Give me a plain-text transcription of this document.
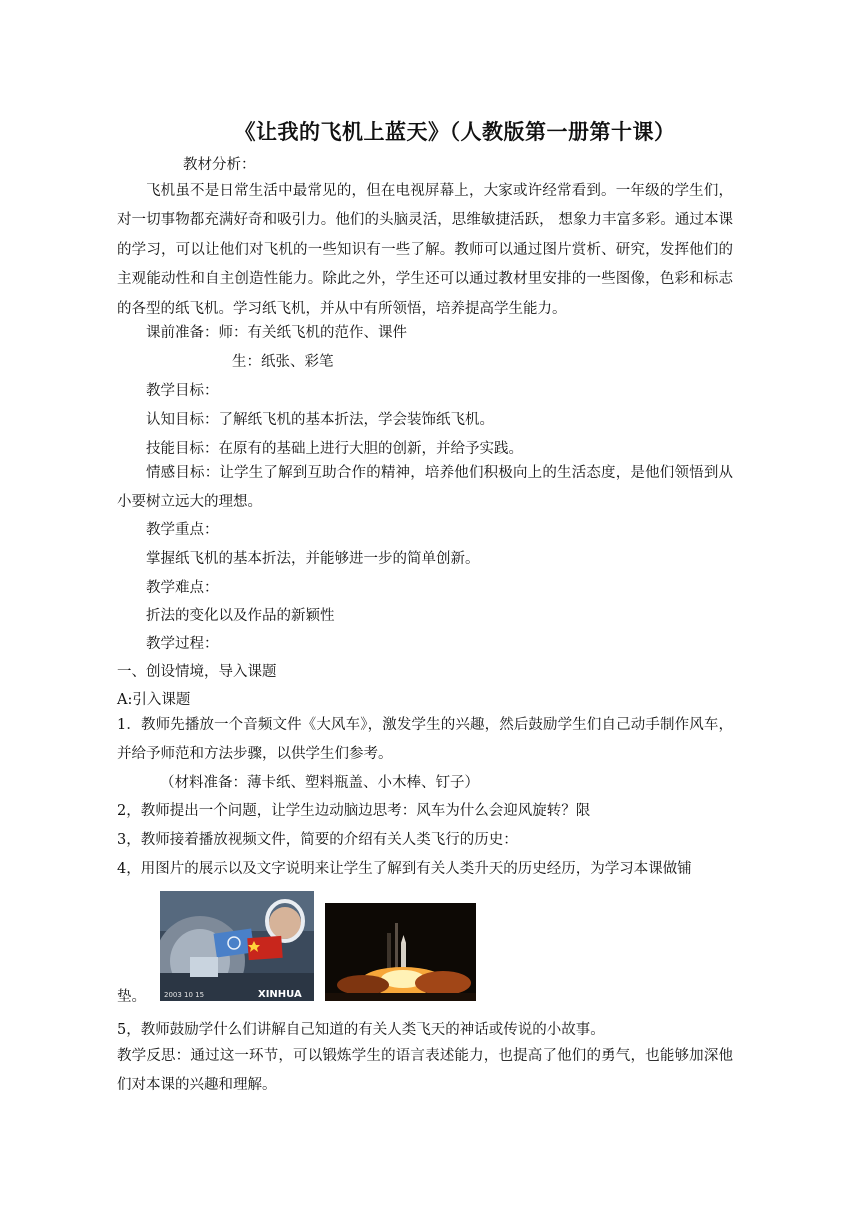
《让我的飞机上蓝天》（人教版第一册第十课）
教材分析：
飞机虽不是日常生活中最常见的，但在电视屏幕上，大家或许经常看到。一年级的学生们，对一切事物都充满好奇和吸引力。他们的头脑灵活，思维敏捷活跃， 想象力丰富多彩。通过本课的学习，可以让他们对飞机的一些知识有一些了解。教师可以通过图片赏析、研究，发挥他们的主观能动性和自主创造性能力。除此之外，学生还可以通过教材里安排的一些图像，色彩和标志的各型的纸飞机。学习纸飞机，并从中有所领悟，培养提高学生能力。
课前准备：师：有关纸飞机的范作、课件
生：纸张、彩笔
教学目标：
认知目标：了解纸飞机的基本折法，学会装饰纸飞机。
技能目标：在原有的基础上进行大胆的创新，并给予实践。
情感目标：让学生了解到互助合作的精神，培养他们积极向上的生活态度，是他们领悟到从小要树立远大的理想。
教学重点：
掌握纸飞机的基本折法，并能够进一步的简单创新。
教学难点：
折法的变化以及作品的新颖性
教学过程：
一、创设情境，导入课题
A:引入课题
1．教师先播放一个音频文件《大风车》，激发学生的兴趣，然后鼓励学生们自己动手制作风车，并给予师范和方法步骤，以供学生们参考。
（材料准备：薄卡纸、塑料瓶盖、小木棒、钉子）
2，教师提出一个问题，让学生边动脑边思考：风车为什么会迎风旋转？限
3，教师接着播放视频文件，简要的介绍有关人类飞行的历史：
4，用图片的展示以及文字说明来让学生了解到有关人类升天的历史经历，为学习本课做铺
垫。	2003 10 15	XINHUA
5，教师鼓励学什么们讲解自己知道的有关人类飞天的神话或传说的小故事。
教学反思：通过这一环节，可以锻炼学生的语言表述能力，也提高了他们的勇气，也能够加深他们对本课的兴趣和理解。
